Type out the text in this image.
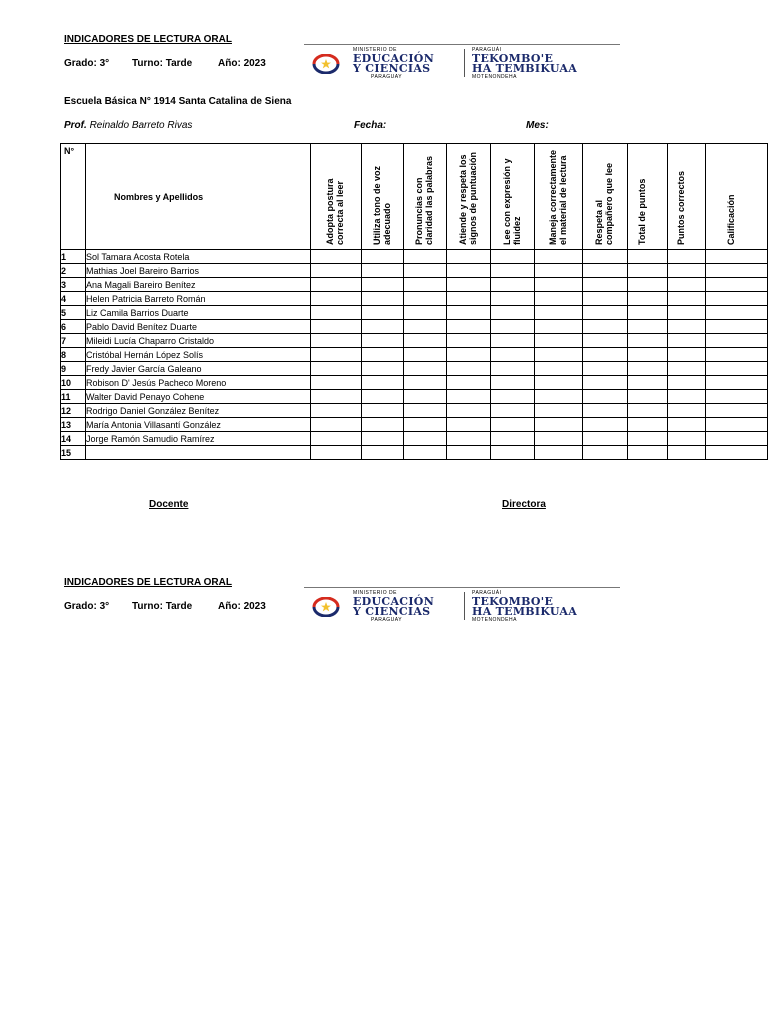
INDICADORES DE LECTURA ORAL
Grado: 3° Turno: Tarde	Año: 2023
MINISTERIO DE
EDUCACIÓN
Y CIENCIAS
PARAGUAY
PARAGUÁI
TEKOMBO'E
HA TEMBIKUAA
MOTENONDEHA
Escuela Básica N° 1914 Santa Catalina de Siena
Prof. Reinaldo Barreto Rivas	Fecha:	Mes:
N°	Nombres y Apellidos	Adopta postura correcta al leer	Utiliza tono de voz adecuado	Pronuncias con claridad las palabras	Atiende y respeta los signos de puntuación	Lee con expresión y fluidez	Maneja correctamente el material de lectura	Respeta al compañero que lee	Total de puntos	Puntos correctos	Calificación

1	Sol Tamara Acosta Rotela										
2	Mathias Joel Bareiro Barrios										
3	Ana Magali Bareiro Benítez										
4	Helen Patricia Barreto Román										
5	Liz Camila Barrios Duarte										
6	Pablo David Benítez Duarte										
7	Mileidi Lucía Chaparro Cristaldo										
8	Cristóbal Hernán López Solís										
9	Fredy Javier García Galeano										
10	Robison D' Jesús Pacheco Moreno										
11	Walter David Penayo Cohene										
12	Rodrigo Daniel González Benítez										
13	María Antonia Villasantí González										
14	Jorge Ramón Samudio Ramírez										
15											
Docente	Directora
INDICADORES DE LECTURA ORAL
Grado: 3° Turno: Tarde	Año: 2023
MINISTERIO DE
EDUCACIÓN
Y CIENCIAS
PARAGUAY
PARAGUÁI
TEKOMBO'E
HA TEMBIKUAA
MOTENONDEHA
